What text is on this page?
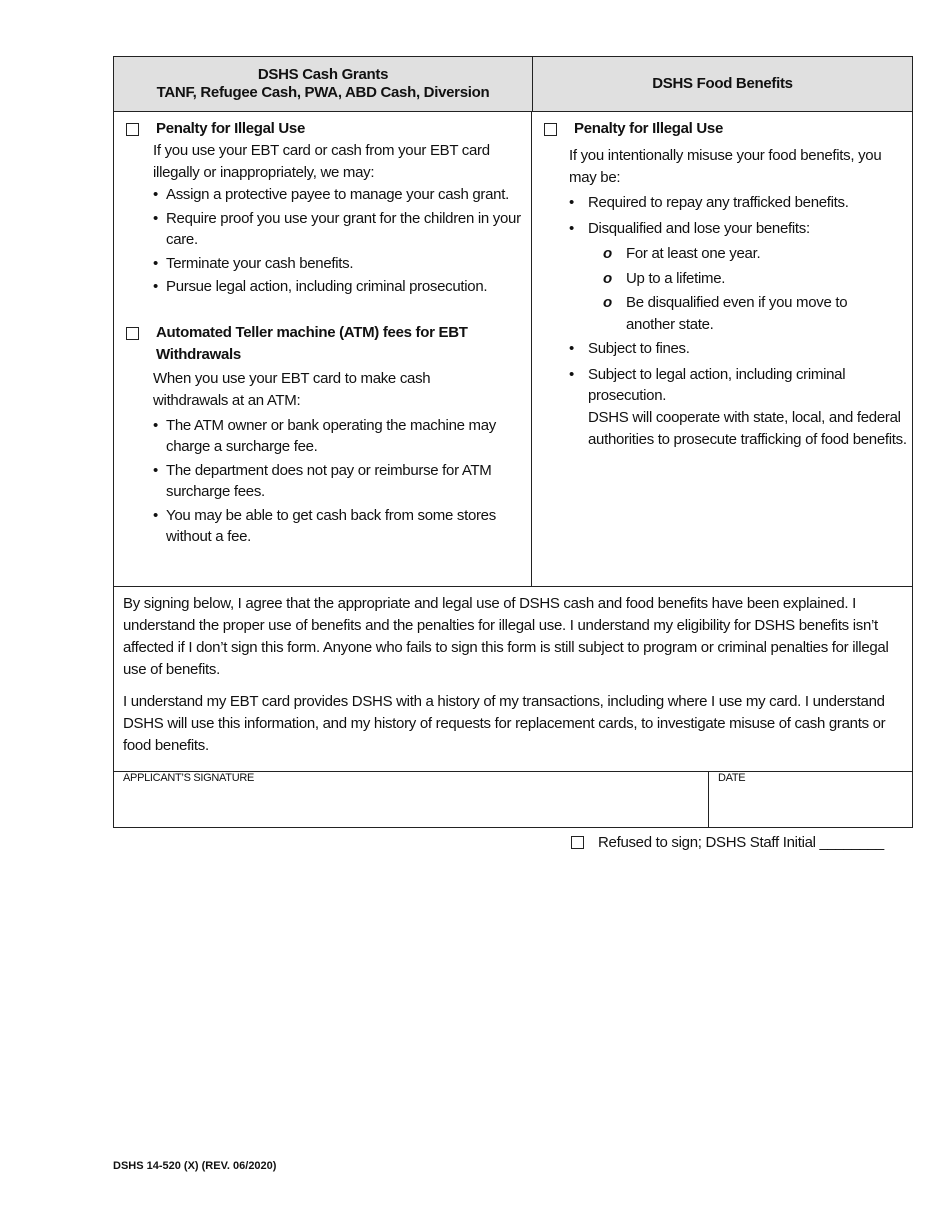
DSHS Cash Grants
TANF, Refugee Cash, PWA, ABD Cash, Diversion
DSHS Food Benefits
Penalty for Illegal Use
If you use your EBT card or cash from your EBT card illegally or inappropriately, we may:
• Assign a protective payee to manage your cash grant.
• Require proof you use your grant for the children in your care.
• Terminate your cash benefits.
• Pursue legal action, including criminal prosecution.
Automated Teller machine (ATM) fees for EBT Withdrawals
When you use your EBT card to make cash withdrawals at an ATM:
• The ATM owner or bank operating the machine may charge a surcharge fee.
• The department does not pay or reimburse for ATM surcharge fees.
• You may be able to get cash back from some stores without a fee.
Penalty for Illegal Use
If you intentionally misuse your food benefits, you may be:
• Required to repay any trafficked benefits.
• Disqualified and lose your benefits:
o For at least one year.
o Up to a lifetime.
o Be disqualified even if you move to another state.
• Subject to fines.
• Subject to legal action, including criminal prosecution.
DSHS will cooperate with state, local, and federal authorities to prosecute trafficking of food benefits.

By signing below, I agree that the appropriate and legal use of DSHS cash and food benefits have been explained. I understand the proper use of benefits and the penalties for illegal use. I understand my eligibility for DSHS benefits isn’t affected if I don’t sign this form. Anyone who fails to sign this form is still subject to program or criminal penalties for illegal use of benefits.

I understand my EBT card provides DSHS with a history of my transactions, including where I use my card. I understand DSHS will use this information, and my history of requests for replacement cards, to investigate misuse of cash grants or food benefits.

APPLICANT’S SIGNATURE	DATE
Refused to sign; DSHS Staff Initial ________
DSHS 14-520 (X) (REV. 06/2020)
